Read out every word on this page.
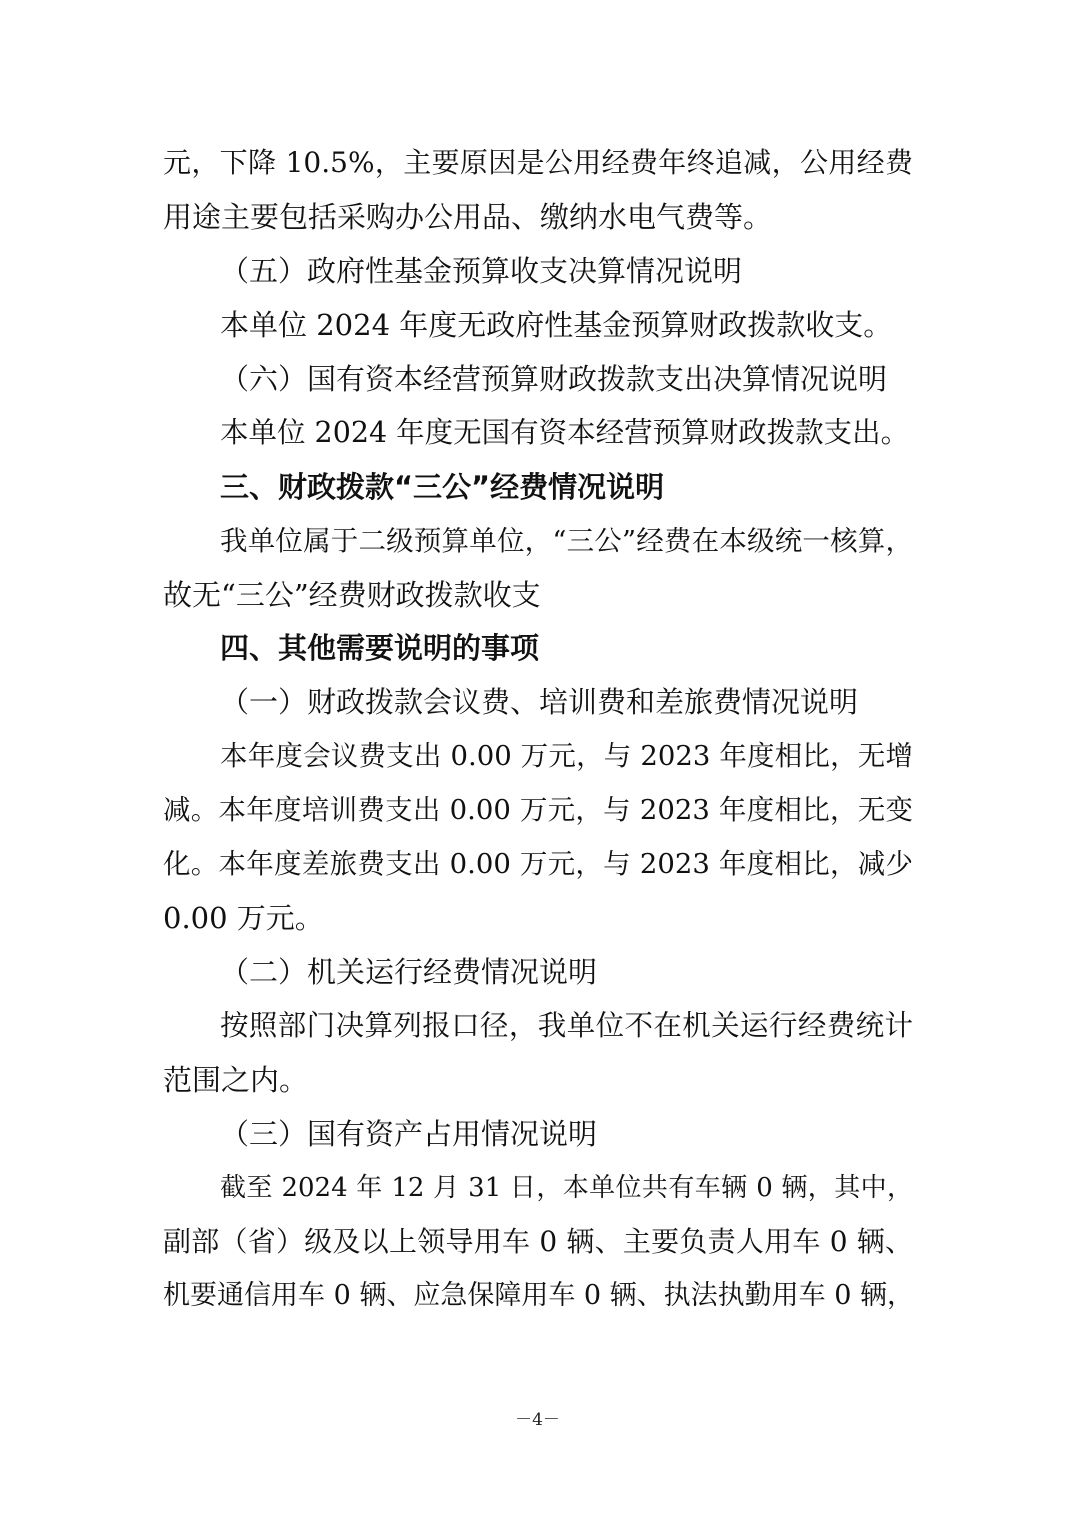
元，下降 10.5%，主要原因是公用经费年终追减，公用经费
用途主要包括采购办公用品、缴纳水电气费等。
（五）政府性基金预算收支决算情况说明
本单位 2024 年度无政府性基金预算财政拨款收支。
（六）国有资本经营预算财政拨款支出决算情况说明
本单位 2024 年度无国有资本经营预算财政拨款支出。
三、财政拨款“三公”经费情况说明
我单位属于二级预算单位，“三公”经费在本级统一核算，
故无“三公”经费财政拨款收支
四、其他需要说明的事项
（一）财政拨款会议费、培训费和差旅费情况说明
本年度会议费支出 0.00 万元，与 2023 年度相比，无增
减。本年度培训费支出 0.00 万元，与 2023 年度相比，无变
化。本年度差旅费支出 0.00 万元，与 2023 年度相比，减少
0.00 万元。
（二）机关运行经费情况说明
按照部门决算列报口径，我单位不在机关运行经费统计
范围之内。
（三）国有资产占用情况说明
截至 2024 年 12 月 31 日，本单位共有车辆 0 辆，其中，
副部（省）级及以上领导用车 0 辆、主要负责人用车 0 辆、
机要通信用车 0 辆、应急保障用车 0 辆、执法执勤用车 0 辆，
－4－
